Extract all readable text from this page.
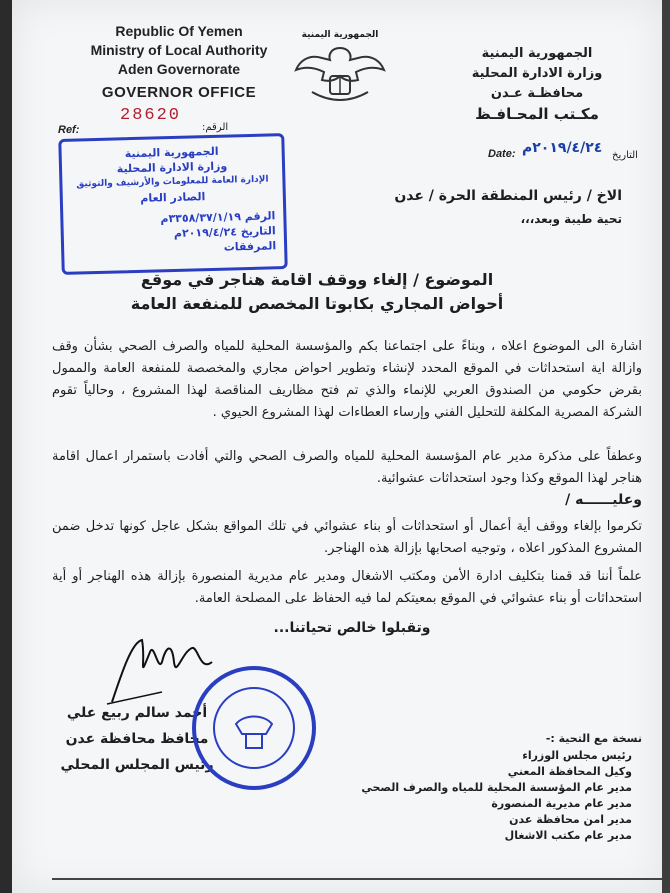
Republic Of Yemen
Ministry of Local Authority
Aden Governorate
GOVERNOR OFFICE
Ref:
28620
الرقم:
الجمهورية اليمنية
الجمهورية اليمنية
وزارة الادارة المحلية
محافظـة عـدن
مكـتب المحـافـظ
Date: ٢٠١٩/٤/٢٤م التاريخ
الجمهورية اليمنية
وزارة الادارة المحلية
الإدارة العامة للمعلومات والأرشيف والتوثيق
الصادر العام
الرقم ٣٣٥٨/٣٧/١/١٩م
التاريخ ٢٠١٩/٤/٢٤م
المرفقات
الاخ / رئيس المنطقة الحرة / عدن
تحية طيبة وبعد،،،
الموضوع / إلغاء ووقف اقامة هناجر في موقع
أحواض المجاري بكابوتا المخصص للمنفعة العامة
اشارة الى الموضوع اعلاه ، وبناءً على اجتماعنا بكم والمؤسسة المحلية للمياه والصرف الصحي بشأن وقف وازالة اية استحداثات في الموقع المحدد لإنشاء وتطوير احواض مجاري والمخصصة للمنفعة العامة والممول بقرض حكومي من الصندوق العربي للإنماء والذي تم فتح مظاريف المناقصة لهذا المشروع ، وحالياً تقوم الشركة المصرية المكلفة للتحليل الفني وإرساء العطاءات لهذا المشروع الحيوي .
وعطفاً على مذكرة مدير عام المؤسسة المحلية للمياه والصرف الصحي والتي أفادت باستمرار اعمال اقامة هناجر لهذا الموقع وكذا وجود استحداثات عشوائية.
وعليــــــه /
تكرموا بإلغاء ووقف أية أعمال أو استحداثات أو بناء عشوائي في تلك المواقع بشكل عاجل كونها تدخل ضمن المشروع المذكور اعلاه ، وتوجيه اصحابها بإزالة هذه الهناجر.
علماً أننا قد قمنا بتكليف ادارة الأمن ومكتب الاشغال ومدير عام مديرية المنصورة بإزالة هذه الهناجر أو أية استحداثات أو بناء عشوائي في الموقع بمعيتكم لما فيه الحفاظ على المصلحة العامة.
وتقبلوا خالص تحياتنا...
أحمد سالم ربيع علي
محافظ محافظة عدن
رئيس المجلس المحلي
نسخة مع التحية :-
رئيس مجلس الوزراء
وكيل المحافظة المعني
مدير عام المؤسسة المحلية للمياه والصرف الصحي
مدير عام مديرية المنصورة
مدير امن محافظة عدن
مدير عام مكتب الاشغال
